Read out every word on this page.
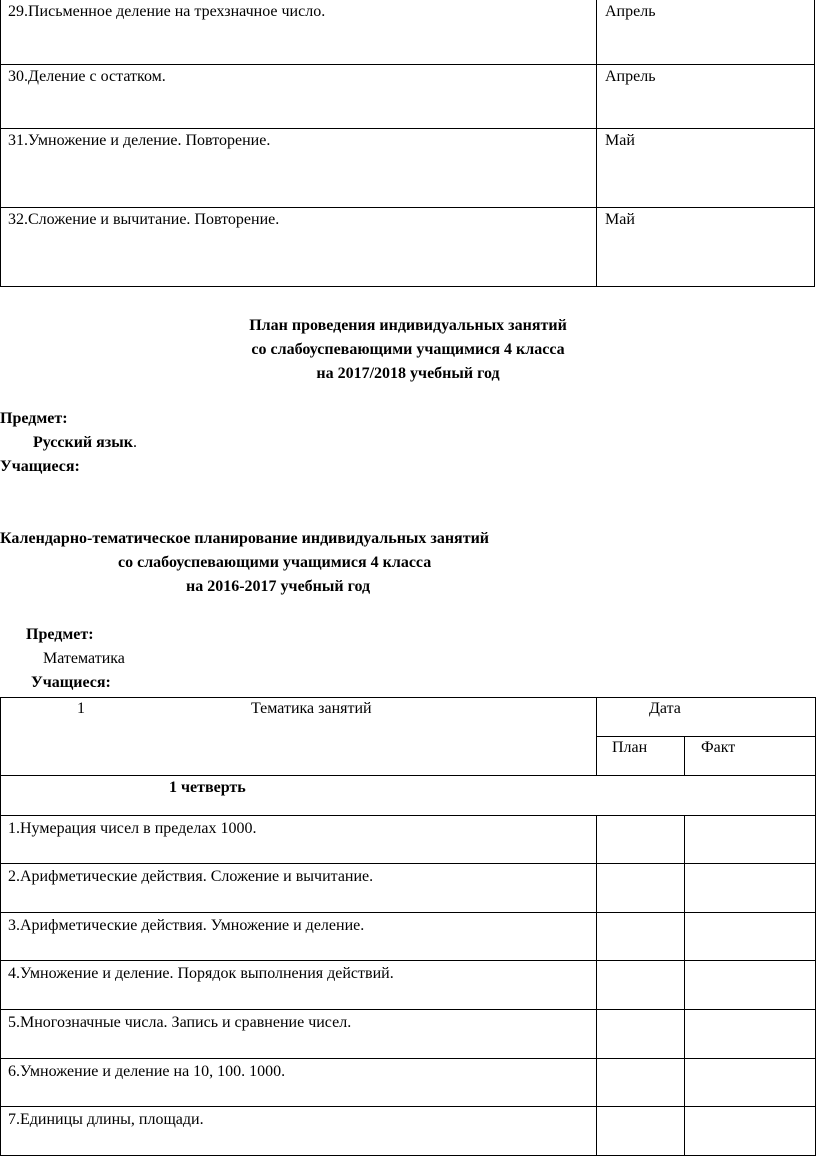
29.Письменное деление на трехзначное число.	Апрель
30.Деление с остатком.	Апрель
31.Умножение и деление. Повторение.	Май
32.Сложение и вычитание. Повторение.	Май
План проведения индивидуальных занятий
со слабоуспевающими учащимися 4 класса
на 2017/2018 учебный год
Предмет:
Русский язык.
Учащиеся:
Календарно-тематическое планирование индивидуальных занятий
со слабоуспевающими учащимися 4 класса
на 2016-2017 учебный год
Предмет:
Математика
Учащиеся:
1 Тематика занятий	Дата	

	План	Факт

1 четверть		

1.Нумерация чисел в пределах 1000.		
2.Арифметические действия. Сложение и вычитание.		
3.Арифметические действия. Умножение и деление.		
4.Умножение и деление. Порядок выполнения действий.		
5.Многозначные числа. Запись и сравнение чисел.		
6.Умножение и деление на 10, 100. 1000.		
7.Единицы длины, площади.		
